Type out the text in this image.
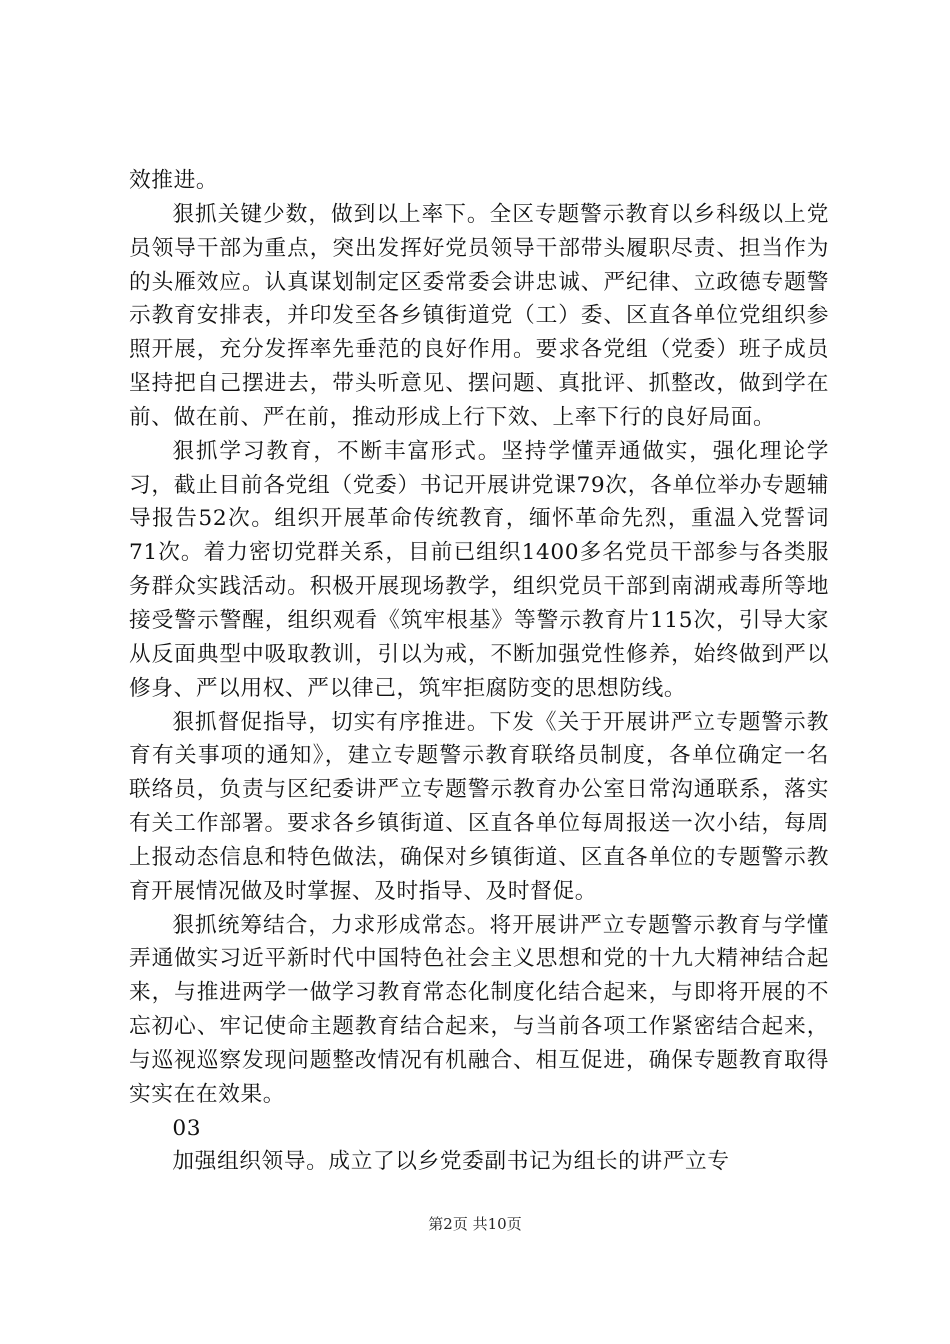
效推进。

狠抓关键少数，做到以上率下。全区专题警示教育以乡科级以上党员领导干部为重点，突出发挥好党员领导干部带头履职尽责、担当作为的头雁效应。认真谋划制定区委常委会讲忠诚、严纪律、立政德专题警示教育安排表，并印发至各乡镇街道党（工）委、区直各单位党组织参照开展，充分发挥率先垂范的良好作用。要求各党组（党委）班子成员坚持把自己摆进去，带头听意见、摆问题、真批评、抓整改，做到学在前、做在前、严在前，推动形成上行下效、上率下行的良好局面。

狠抓学习教育，不断丰富形式。坚持学懂弄通做实，强化理论学习，截止目前各党组（党委）书记开展讲党课79次，各单位举办专题辅导报告52次。组织开展革命传统教育，缅怀革命先烈，重温入党誓词71次。着力密切党群关系，目前已组织1400多名党员干部参与各类服务群众实践活动。积极开展现场教学，组织党员干部到南湖戒毒所等地接受警示警醒，组织观看《筑牢根基》等警示教育片115次，引导大家从反面典型中吸取教训，引以为戒，不断加强党性修养，始终做到严以修身、严以用权、严以律己，筑牢拒腐防变的思想防线。

狠抓督促指导，切实有序推进。下发《关于开展讲严立专题警示教育有关事项的通知》，建立专题警示教育联络员制度，各单位确定一名联络员，负责与区纪委讲严立专题警示教育办公室日常沟通联系，落实有关工作部署。要求各乡镇街道、区直各单位每周报送一次小结，每周上报动态信息和特色做法，确保对乡镇街道、区直各单位的专题警示教育开展情况做及时掌握、及时指导、及时督促。

狠抓统筹结合，力求形成常态。将开展讲严立专题警示教育与学懂弄通做实习近平新时代中国特色社会主义思想和党的十九大精神结合起来，与推进两学一做学习教育常态化制度化结合起来，与即将开展的不忘初心、牢记使命主题教育结合起来，与当前各项工作紧密结合起来，与巡视巡察发现问题整改情况有机融合、相互促进，确保专题教育取得实实在在效果。

03

加强组织领导。成立了以乡党委副书记为组长的讲严立专

第2页 共10页
